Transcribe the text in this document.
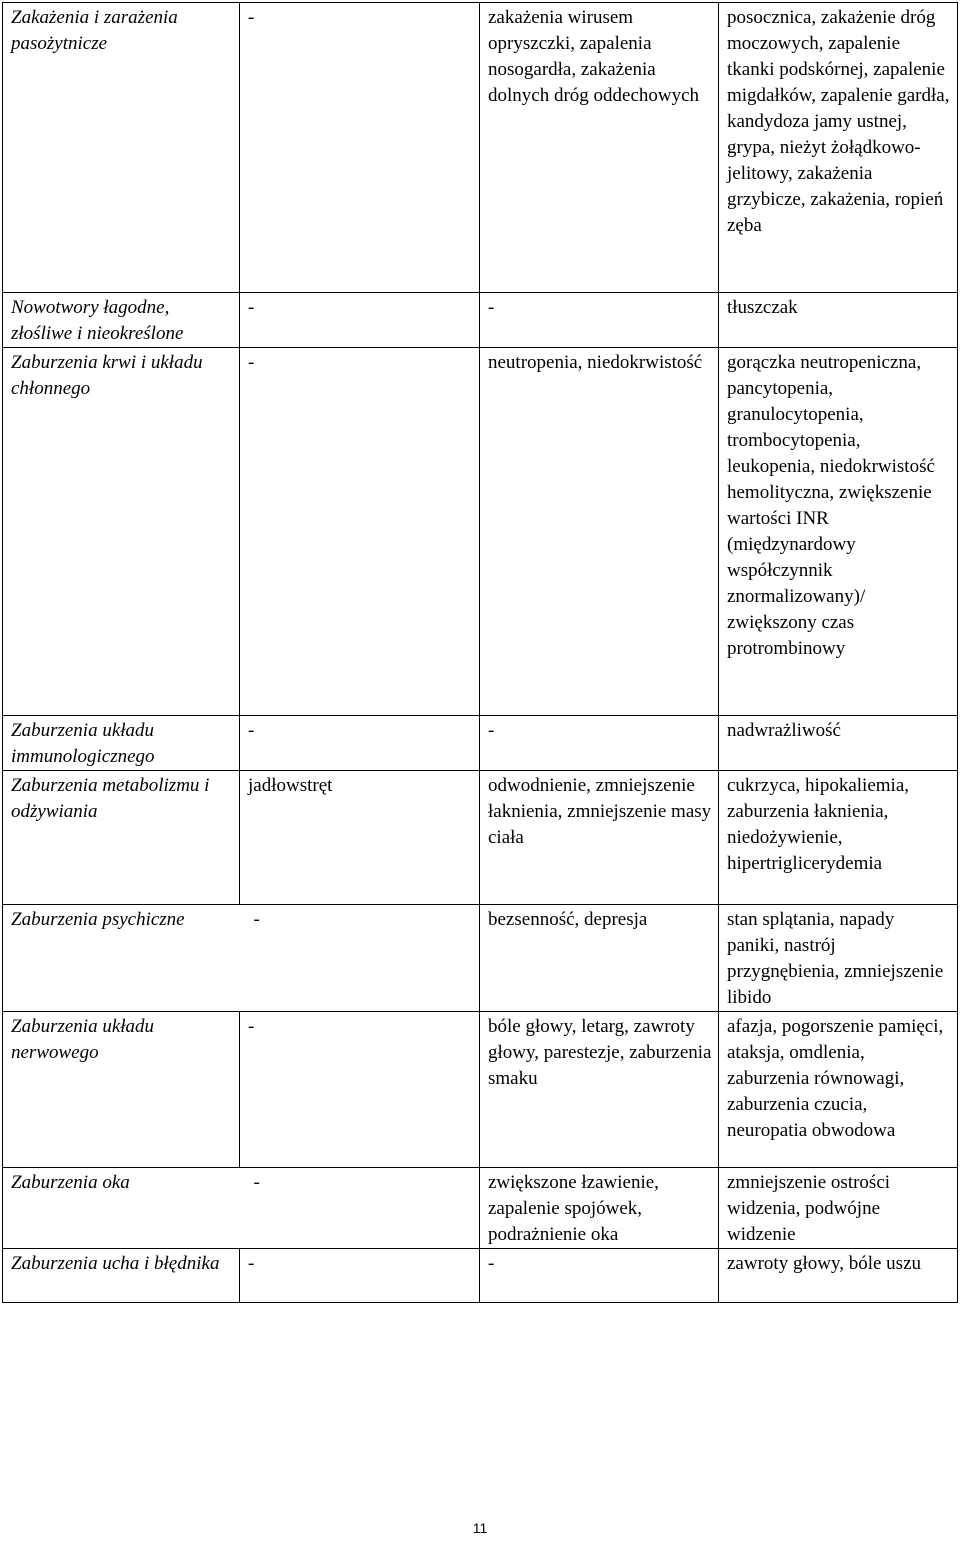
Zakażenia i zarażenia pasożytnicze	-	zakażenia wirusem opryszczki, zapalenia nosogardła, zakażenia dolnych dróg oddechowych	posocznica, zakażenie dróg moczowych, zapalenie tkanki podskórnej, zapalenie migdałków, zapalenie gardła, kandydoza jamy ustnej, grypa, nieżyt żołądkowo-jelitowy, zakażenia grzybicze, zakażenia, ropień zęba
Nowotwory łagodne, złośliwe i nieokreślone	-	-	tłuszczak
Zaburzenia krwi i układu chłonnego	-	neutropenia, niedokrwistość	gorączka neutropeniczna, pancytopenia, granulocytopenia, trombocytopenia, leukopenia, niedokrwistość hemolityczna, zwiększenie wartości INR (międzynardowy współczynnik znormalizowany)/ zwiększony czas protrombinowy
Zaburzenia układu immunologicznego	-	-	nadwrażliwość
Zaburzenia metabolizmu i odżywiania	jadłowstręt	odwodnienie, zmniejszenie łaknienia, zmniejszenie masy ciała	cukrzyca, hipokaliemia, zaburzenia łaknienia, niedożywienie, hipertriglicerydemia
Zaburzenia psychiczne -		bezsenność, depresja	stan splątania, napady paniki, nastrój przygnębienia, zmniejszenie libido
Zaburzenia układu nerwowego	-	bóle głowy, letarg, zawroty głowy, parestezje, zaburzenia smaku	afazja, pogorszenie pamięci, ataksja, omdlenia, zaburzenia równowagi, zaburzenia czucia, neuropatia obwodowa
Zaburzenia oka -		zwiększone łzawienie, zapalenie spojówek, podrażnienie oka	zmniejszenie ostrości widzenia, podwójne widzenie
Zaburzenia ucha i błędnika	-	-	zawroty głowy, bóle uszu
11
